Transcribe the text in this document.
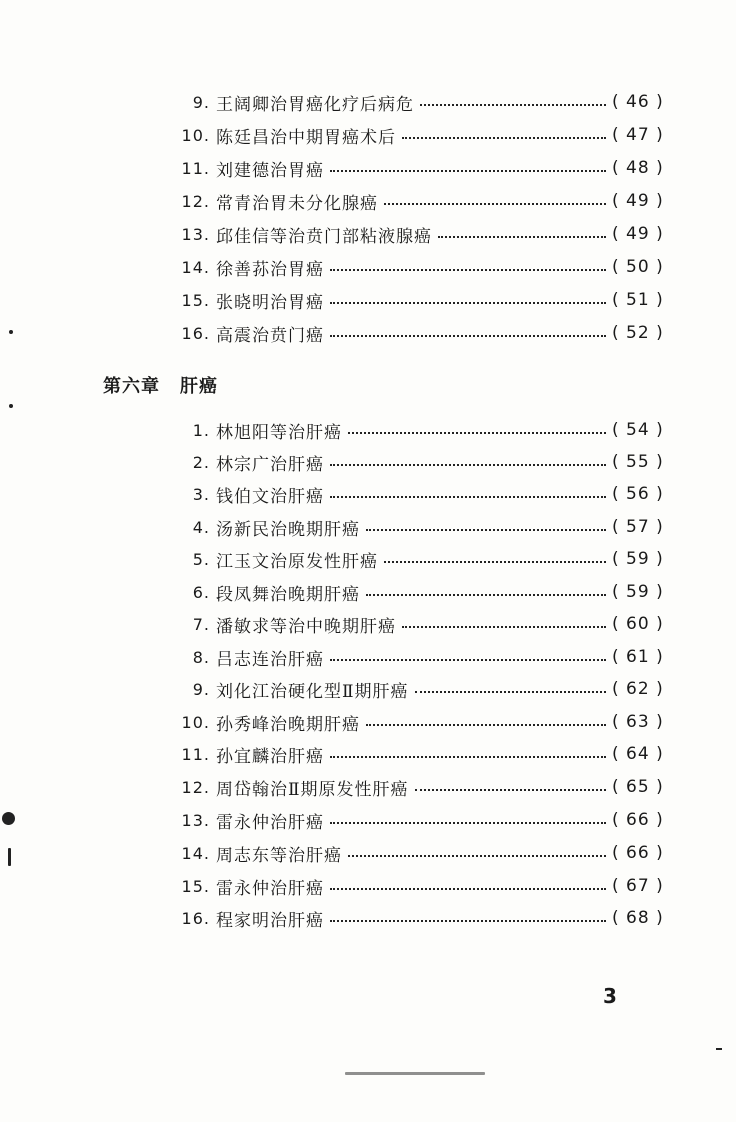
9. 王阔卿治胃癌化疗后病危	( 46 )
10. 陈廷昌治中期胃癌术后	( 47 )
11. 刘建德治胃癌	( 48 )
12. 常青治胃未分化腺癌	( 49 )
13. 邱佳信等治贲门部粘液腺癌	( 49 )
14. 徐善荪治胃癌	( 50 )
15. 张晓明治胃癌	( 51 )
16. 高震治贲门癌	( 52 )
第六章 肝癌
1. 林旭阳等治肝癌	( 54 )
2. 林宗广治肝癌	( 55 )
3. 钱伯文治肝癌	( 56 )
4. 汤新民治晚期肝癌	( 57 )
5. 江玉文治原发性肝癌	( 59 )
6. 段凤舞治晚期肝癌	( 59 )
7. 潘敏求等治中晚期肝癌	( 60 )
8. 吕志连治肝癌	( 61 )
9. 刘化江治硬化型Ⅱ期肝癌	( 62 )
10. 孙秀峰治晚期肝癌	( 63 )
11. 孙宜麟治肝癌	( 64 )
12. 周岱翰治Ⅱ期原发性肝癌	( 65 )
13. 雷永仲治肝癌	( 66 )
14. 周志东等治肝癌	( 66 )
15. 雷永仲治肝癌	( 67 )
16. 程家明治肝癌	( 68 )
3
